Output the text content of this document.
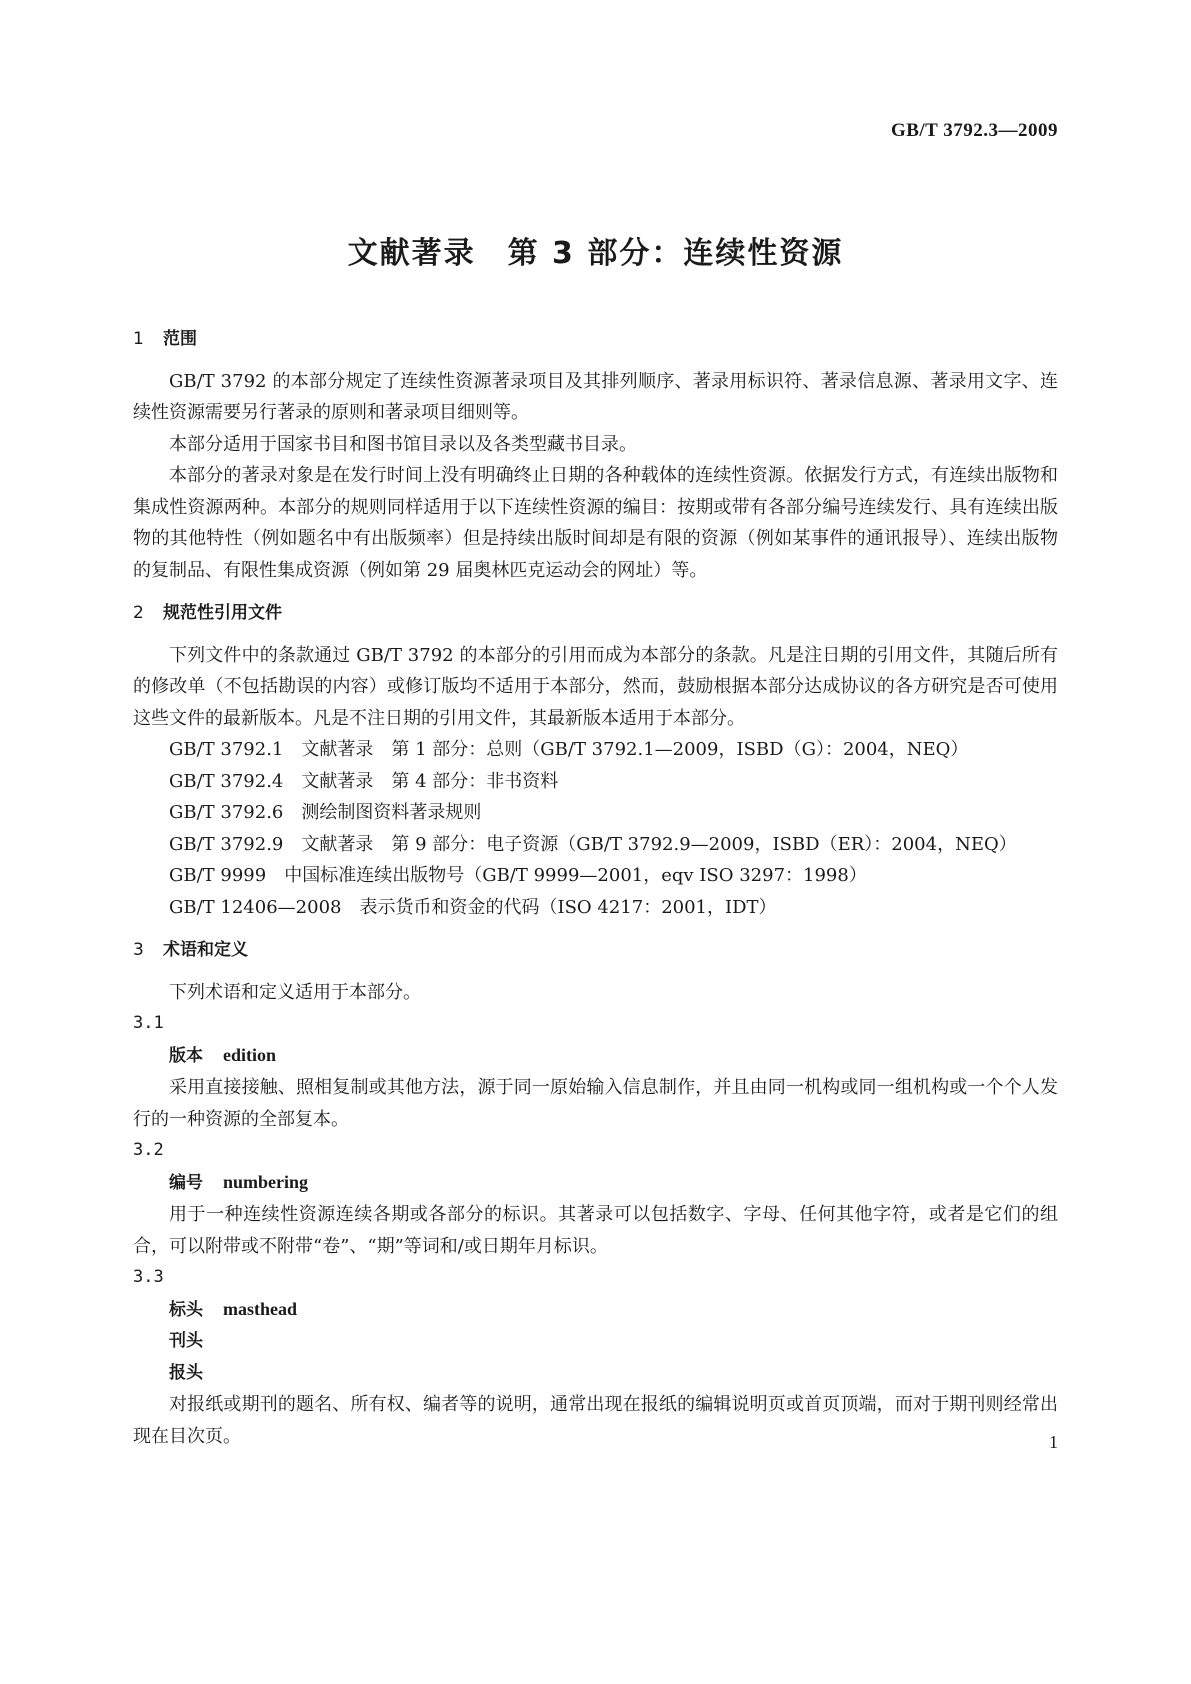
GB/T 3792.3—2009
文献著录　第 3 部分：连续性资源
1 范围

GB/T 3792 的本部分规定了连续性资源著录项目及其排列顺序、著录用标识符、著录信息源、著录用文字、连续性资源需要另行著录的原则和著录项目细则等。

本部分适用于国家书目和图书馆目录以及各类型藏书目录。

本部分的著录对象是在发行时间上没有明确终止日期的各种载体的连续性资源。依据发行方式，有连续出版物和集成性资源两种。本部分的规则同样适用于以下连续性资源的编目：按期或带有各部分编号连续发行、具有连续出版物的其他特性（例如题名中有出版频率）但是持续出版时间却是有限的资源（例如某事件的通讯报导）、连续出版物的复制品、有限性集成资源（例如第 29 届奥林匹克运动会的网址）等。

2 规范性引用文件

下列文件中的条款通过 GB/T 3792 的本部分的引用而成为本部分的条款。凡是注日期的引用文件，其随后所有的修改单（不包括勘误的内容）或修订版均不适用于本部分，然而，鼓励根据本部分达成协议的各方研究是否可使用这些文件的最新版本。凡是不注日期的引用文件，其最新版本适用于本部分。

GB/T 3792.1　文献著录　第 1 部分：总则（GB/T 3792.1—2009，ISBD（G）：2004，NEQ）

GB/T 3792.4　文献著录　第 4 部分：非书资料

GB/T 3792.6　测绘制图资料著录规则

GB/T 3792.9　文献著录　第 9 部分：电子资源（GB/T 3792.9—2009，ISBD（ER）：2004，NEQ）

GB/T 9999　中国标准连续出版物号（GB/T 9999—2001，eqv ISO 3297：1998）

GB/T 12406—2008　表示货币和资金的代码（ISO 4217：2001，IDT）

3 术语和定义

下列术语和定义适用于本部分。

3.1

版本 edition

采用直接接触、照相复制或其他方法，源于同一原始输入信息制作，并且由同一机构或同一组机构或一个个人发行的一种资源的全部复本。

3.2

编号 numbering

用于一种连续性资源连续各期或各部分的标识。其著录可以包括数字、字母、任何其他字符，或者是它们的组合，可以附带或不附带“卷”、“期”等词和/或日期年月标识。

3.3

标头 masthead

刊头

报头

对报纸或期刊的题名、所有权、编者等的说明，通常出现在报纸的编辑说明页或首页顶端，而对于期刊则经常出现在目次页。	1
